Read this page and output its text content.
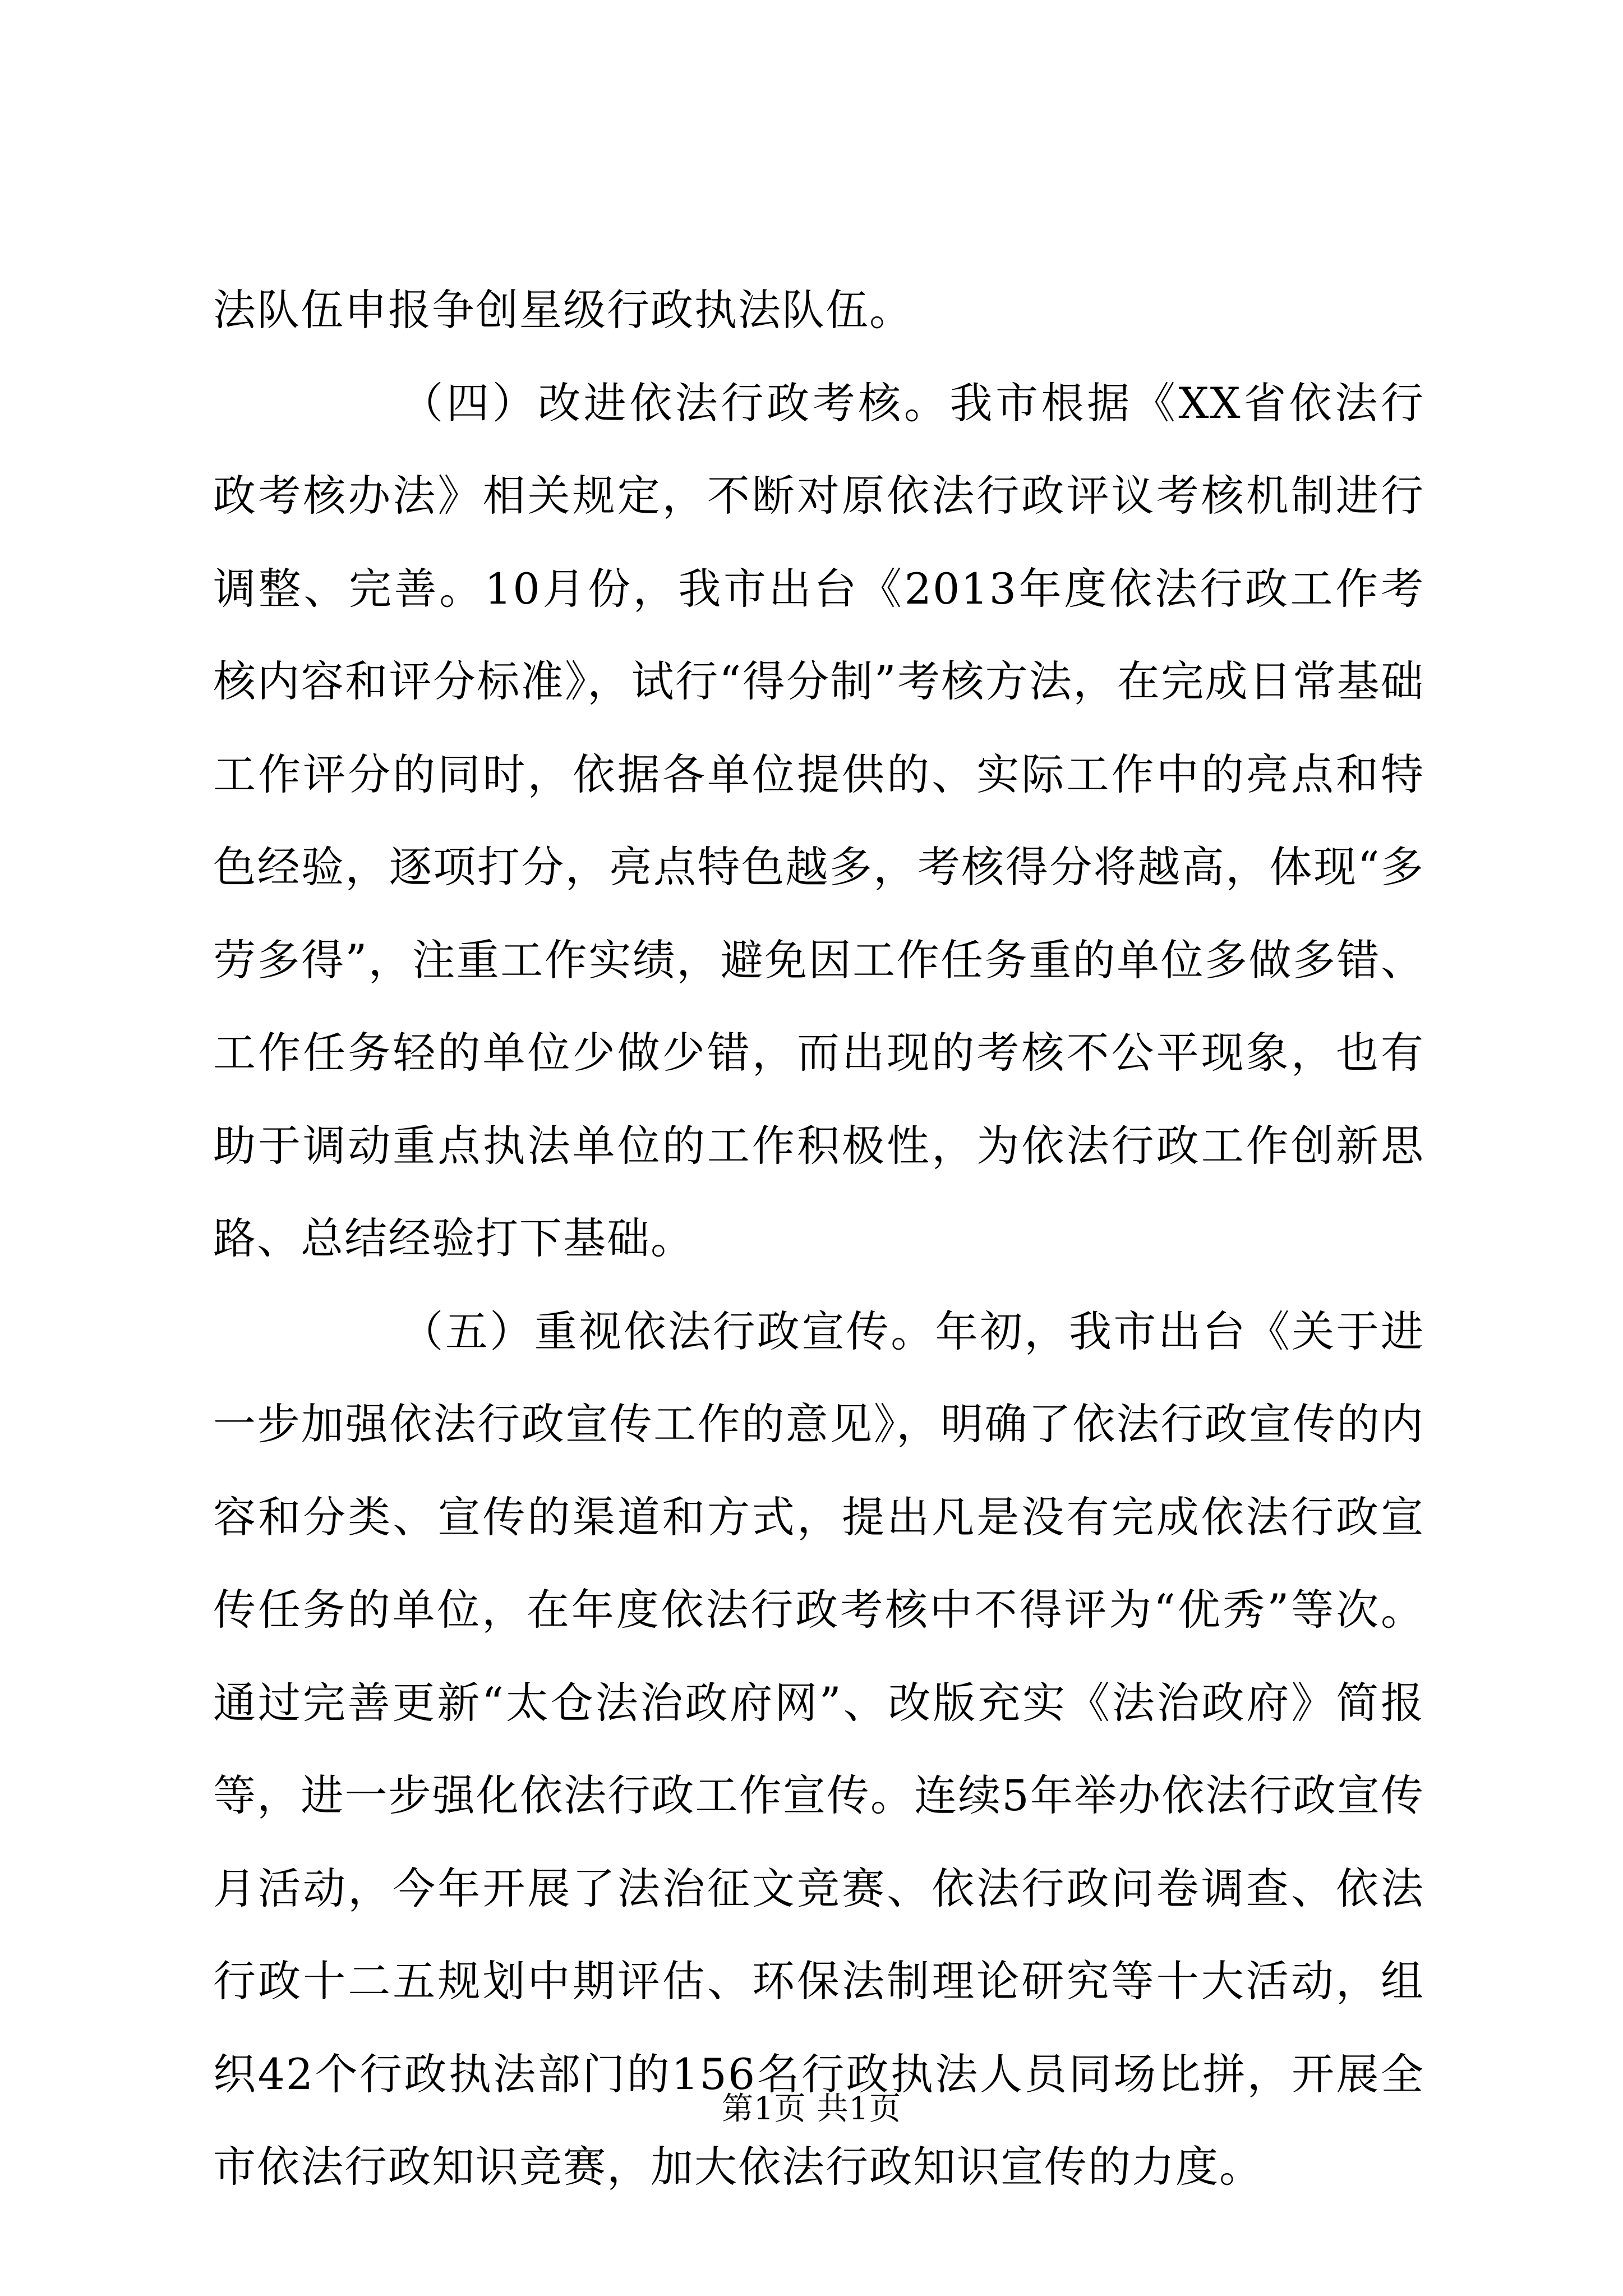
法队伍申报争创星级行政执法队伍。

（四）改进依法行政考核。我市根据《XX省依法行政考核办法》相关规定，不断对原依法行政评议考核机制进行调整、完善。10月份，我市出台《2013年度依法行政工作考核内容和评分标准》，试行“得分制”考核方法，在完成日常基础工作评分的同时，依据各单位提供的、实际工作中的亮点和特色经验，逐项打分，亮点特色越多，考核得分将越高，体现“多劳多得”，注重工作实绩，避免因工作任务重的单位多做多错、工作任务轻的单位少做少错，而出现的考核不公平现象，也有助于调动重点执法单位的工作积极性，为依法行政工作创新思路、总结经验打下基础。

（五）重视依法行政宣传。年初，我市出台《关于进一步加强依法行政宣传工作的意见》，明确了依法行政宣传的内容和分类、宣传的渠道和方式，提出凡是没有完成依法行政宣传任务的单位，在年度依法行政考核中不得评为“优秀”等次。通过完善更新“太仓法治政府网”、改版充实《法治政府》简报等，进一步强化依法行政工作宣传。连续5年举办依法行政宣传月活动，今年开展了法治征文竞赛、依法行政问卷调查、依法行政十二五规划中期评估、环保法制理论研究等十大活动，组织42个行政执法部门的156名行政执法人员同场比拼，开展全市依法行政知识竞赛，加大依法行政知识宣传的力度。

第1页 共1页
